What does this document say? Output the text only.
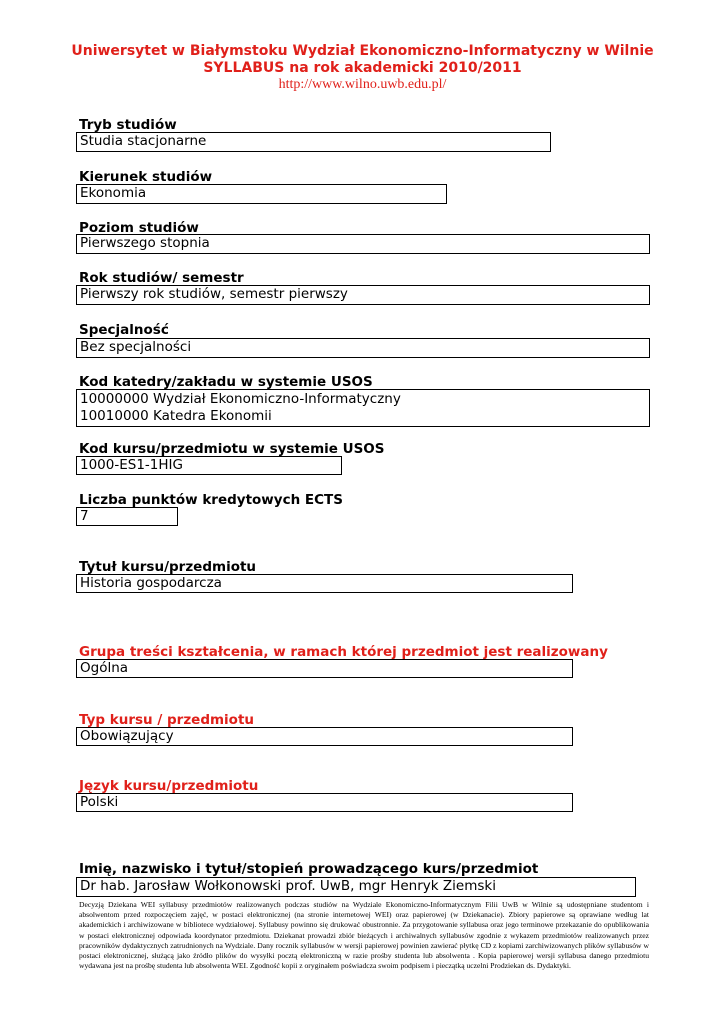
Uniwersytet w Białymstoku Wydział Ekonomiczno-Informatyczny w Wilnie
SYLLABUS na rok akademicki 2010/2011
http://www.wilno.uwb.edu.pl/
Tryb studiów
Studia stacjonarne
Kierunek studiów
Ekonomia
Poziom studiów
Pierwszego stopnia
Rok studiów/ semestr
Pierwszy rok studiów, semestr pierwszy
Specjalność
Bez specjalności
Kod katedry/zakładu w systemie USOS
10000000 Wydział Ekonomiczno-Informatyczny
10010000 Katedra Ekonomii
Kod kursu/przedmiotu w systemie USOS
1000-ES1-1HIG
Liczba punktów kredytowych ECTS
7
Tytuł kursu/przedmiotu
Historia gospodarcza
Grupa treści kształcenia, w ramach której przedmiot jest realizowany
Ogólna
Typ kursu / przedmiotu
Obowiązujący
Język kursu/przedmiotu
Polski
Imię, nazwisko i tytuł/stopień prowadzącego kurs/przedmiot
Dr hab. Jarosław Wołkonowski prof. UwB, mgr Henryk Ziemski
Decyzją Dziekana WEI syllabusy przedmiotów realizowanych podczas studiów na Wydziale Ekonomiczno-Informatycznym Filii UwB w Wilnie są udostępniane studentom i absolwentom przed rozpoczęciem zajęć, w postaci elektronicznej (na stronie internetowej WEI) oraz papierowej (w Dziekanacie). Zbiory papierowe są oprawiane według lat akademickich i archiwizowane w bibliotece wydziałowej. Syllabusy powinno się drukować obustronnie. Za przygotowanie syllabusa oraz jego terminowe przekazanie do opublikowania w postaci elektronicznej odpowiada koordynator przedmiotu. Dziekanat prowadzi zbiór bieżących i archiwalnych syllabusów zgodnie z wykazem przedmiotów realizowanych przez pracowników dydaktycznych zatrudnionych na Wydziale. Dany rocznik syllabusów w wersji papierowej powinien zawierać płytkę CD z kopiami zarchiwizowanych plików syllabusów w postaci elektronicznej, służącą jako źródło plików do wysyłki pocztą elektroniczną w razie prośby studenta lub absolwenta . Kopia papierowej wersji syllabusa danego przedmiotu wydawana jest na prośbę studenta lub absolwenta WEI. Zgodność kopii z oryginałem poświadcza swoim podpisem i pieczątką uczelni Prodziekan ds. Dydaktyki.
